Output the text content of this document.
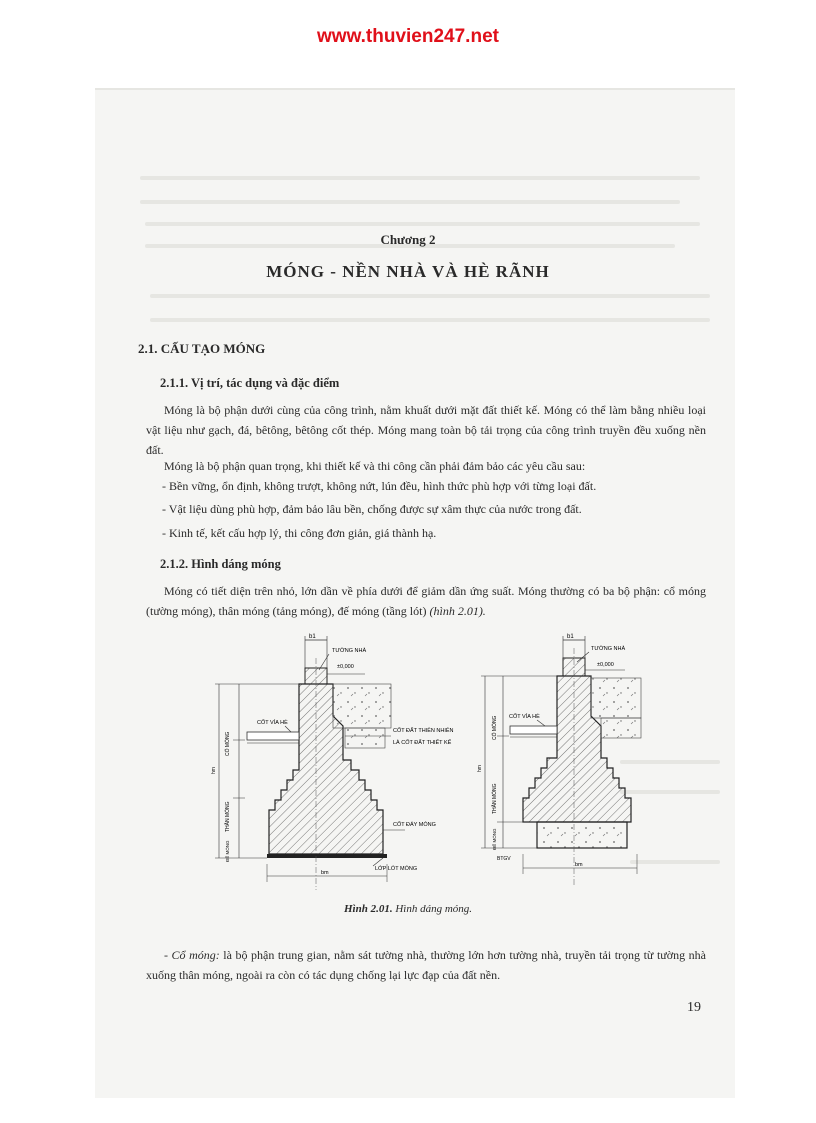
www.thuvien247.net
Chương 2
MÓNG - NỀN NHÀ VÀ HÈ RÃNH
2.1. CẤU TẠO MÓNG
2.1.1. Vị trí, tác dụng và đặc điểm
Móng là bộ phận dưới cùng của công trình, nằm khuất dưới mặt đất thiết kế. Móng có thể làm bằng nhiều loại vật liệu như gạch, đá, bêtông, bêtông cốt thép. Móng mang toàn bộ tải trọng của công trình truyền đều xuống nền đất.
Móng là bộ phận quan trọng, khi thiết kế và thi công cần phải đảm bảo các yêu cầu sau:
- Bền vững, ổn định, không trượt, không nứt, lún đều, hình thức phù hợp với từng loại đất.
- Vật liệu dùng phù hợp, đảm bảo lâu bền, chống được sự xâm thực của nước trong đất.
- Kinh tế, kết cấu hợp lý, thi công đơn giản, giá thành hạ.
2.1.2. Hình dáng móng
Móng có tiết diện trên nhỏ, lớn dần về phía dưới để giảm dần ứng suất. Móng thường có ba bộ phận: cổ móng (tường móng), thân móng (tảng móng), đế móng (tầng lót) (hình 2.01).
b1
TƯỜNG NHÀ
±0,000
CỐT VỈA HÈ
CỐT ĐẤT THIÊN NHIÊN
LÀ CỐT ĐẤT THIẾT KẾ
CỐT ĐÁY MÓNG
LỚP LÓT MÓNG
CỔ MÓNG
THÂN MÓNG
ĐẾ MÓNG
hm
bm
b1
TƯỜNG NHÀ
±0,000
CỐT VỈA HÈ
CỔ MÓNG
THÂN MÓNG
ĐẾ MÓNG
hm
BTGV
bm
Hình 2.01. Hình dáng móng.
- Cổ móng: là bộ phận trung gian, nằm sát tường nhà, thường lớn hơn tường nhà, truyền tải trọng từ tường nhà xuống thân móng, ngoài ra còn có tác dụng chống lại lực đạp của đất nền.
19
